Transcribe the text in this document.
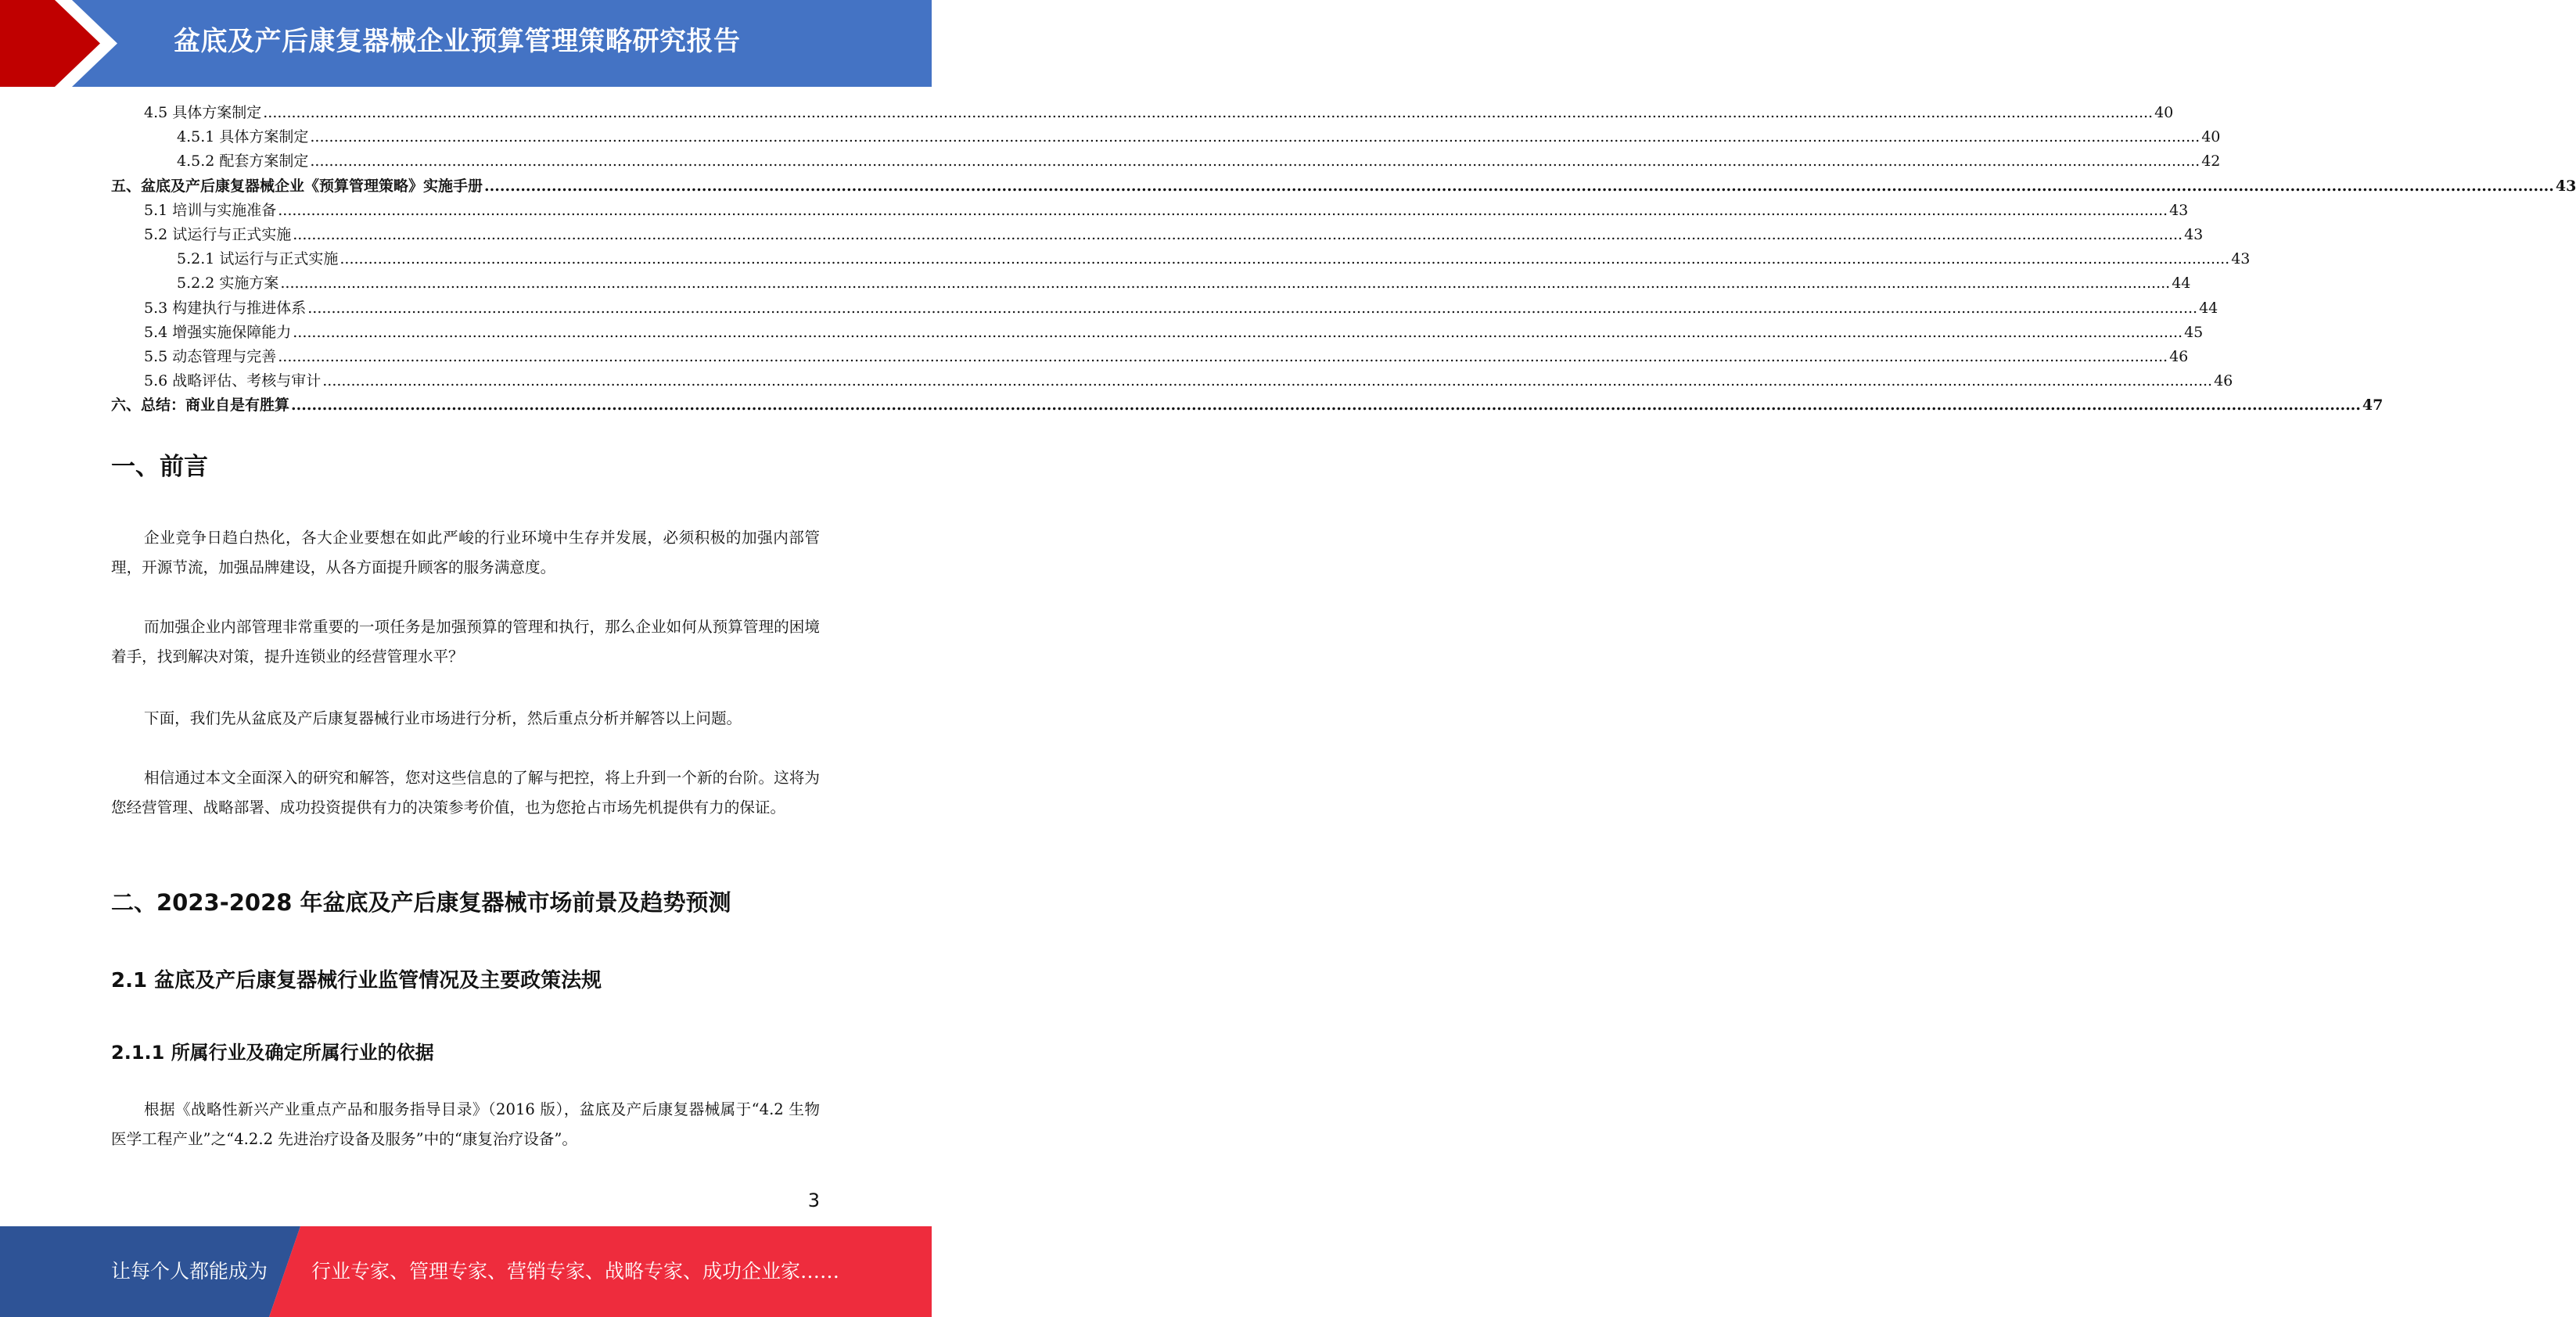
盆底及产后康复器械企业预算管理策略研究报告
4.5 具体方案制定 ................................................................................................................................................................................................................................................................................................................................................................................................................ 40
4.5.1 具体方案制定 ................................................................................................................................................................................................................................................................................................................................................................................................................ 40
4.5.2 配套方案制定 ................................................................................................................................................................................................................................................................................................................................................................................................................ 42
五、盆底及产后康复器械企业《预算管理策略》实施手册 ................................................................................................................................................................................................................................................................................................................................................................................................................ 43
5.1 培训与实施准备 ................................................................................................................................................................................................................................................................................................................................................................................................................ 43
5.2 试运行与正式实施 ................................................................................................................................................................................................................................................................................................................................................................................................................ 43
5.2.1 试运行与正式实施 ................................................................................................................................................................................................................................................................................................................................................................................................................ 43
5.2.2 实施方案 ................................................................................................................................................................................................................................................................................................................................................................................................................ 44
5.3 构建执行与推进体系 ................................................................................................................................................................................................................................................................................................................................................................................................................ 44
5.4 增强实施保障能力 ................................................................................................................................................................................................................................................................................................................................................................................................................ 45
5.5 动态管理与完善 ................................................................................................................................................................................................................................................................................................................................................................................................................ 46
5.6 战略评估、考核与审计 ................................................................................................................................................................................................................................................................................................................................................................................................................ 46
六、总结：商业自是有胜算 ................................................................................................................................................................................................................................................................................................................................................................................................................ 47
一、前言
企业竞争日趋白热化，各大企业要想在如此严峻的行业环境中生存并发展，必须积极的加强内部管理，开源节流，加强品牌建设，从各方面提升顾客的服务满意度。
而加强企业内部管理非常重要的一项任务是加强预算的管理和执行，那么企业如何从预算管理的困境着手，找到解决对策，提升连锁业的经营管理水平？
下面，我们先从盆底及产后康复器械行业市场进行分析，然后重点分析并解答以上问题。
相信通过本文全面深入的研究和解答，您对这些信息的了解与把控，将上升到一个新的台阶。这将为您经营管理、战略部署、成功投资提供有力的决策参考价值，也为您抢占市场先机提供有力的保证。
二、2023-2028 年盆底及产后康复器械市场前景及趋势预测
2.1 盆底及产后康复器械行业监管情况及主要政策法规
2.1.1 所属行业及确定所属行业的依据
根据《战略性新兴产业重点产品和服务指导目录》（2016 版），盆底及产后康复器械属于“4.2 生物医学工程产业”之“4.2.2 先进治疗设备及服务”中的“康复治疗设备”。
3
让每个人都能成为 行业专家、管理专家、营销专家、战略专家、成功企业家……
